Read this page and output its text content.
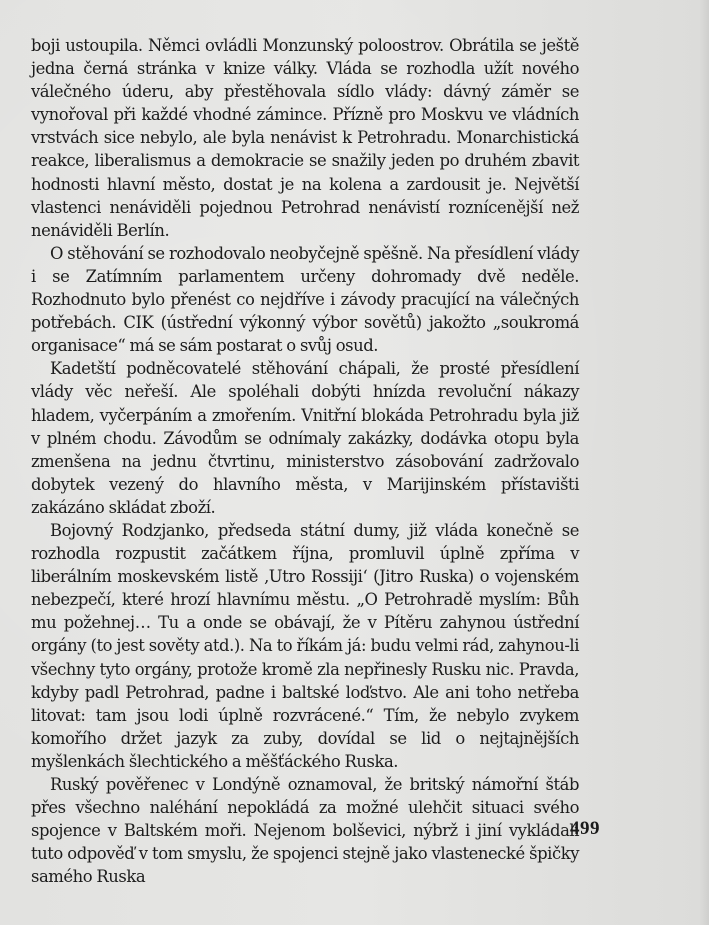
boji ustoupila. Němci ovládli Monzunský poloostrov. Obrátila se ještě jedna černá stránka v knize války. Vláda se rozhodla užít nového válečného úderu, aby přestěhovala sídlo vlády: dávný záměr se vynořoval při každé vhodné zámince. Přízně pro Moskvu ve vládních vrstvách sice nebylo, ale byla nenávist k Petrohradu. Monarchistická reakce, liberalismus a demokracie se snažily jeden po druhém zbavit hodnosti hlavní město, dostat je na kolena a zardousit je. Největší vlastenci nenáviděli pojednou Petrohrad nenávistí roznícenější než nenáviděli Berlín.

O stěhování se rozhodovalo neobyčejně spěšně. Na přesídlení vlády i se Zatímním parlamentem určeny dohromady dvě neděle. Rozhodnuto bylo přenést co nejdříve i závody pracující na válečných potřebách. CIK (ústřední výkonný výbor sovětů) jakožto „soukromá organisace“ má se sám postarat o svůj osud.

Kadetští podněcovatelé stěhování chápali, že prosté přesídlení vlády věc neřeší. Ale spoléhali dobýti hnízda revoluční nákazy hladem, vyčerpáním a zmořením. Vnitřní blokáda Petrohradu byla již v plném chodu. Závodům se odnímaly zakázky, dodávka otopu byla zmenšena na jednu čtvrtinu, ministerstvo zásobování zadržovalo dobytek vezený do hlavního města, v Marijinském přístavišti zakázáno skládat zboží.

Bojovný Rodzjanko, předseda státní dumy, již vláda konečně se rozhodla rozpustit začátkem října, promluvil úplně zpříma v liberálním moskevském listě ‚Utro Rossiji‘ (Jitro Ruska) o vojenském nebezpečí, které hrozí hlavnímu městu. „O Petrohradě myslím: Bůh mu požehnej… Tu a onde se obávají, že v Pítěru zahynou ústřední orgány (to jest sověty atd.). Na to říkám já: budu velmi rád, zahynou-li všechny tyto orgány, protože kromě zla nepřinesly Rusku nic. Pravda, kdyby padl Petrohrad, padne i baltské loďstvo. Ale ani toho netřeba litovat: tam jsou lodi úplně rozvrácené.“ Tím, že nebylo zvykem komořího držet jazyk za zuby, dovídal se lid o nejtajnějších myšlenkách šlechtického a měšťáckého Ruska.

Ruský pověřenec v Londýně oznamoval, že britský námořní štáb přes všechno naléhání nepokládá za možné ulehčit situaci svého spojence v Baltském moři. Nejenom bolševici, nýbrž i jiní vykládali tuto odpověď v tom smyslu, že spojenci stejně jako vlastenecké špičky samého Ruska

499
